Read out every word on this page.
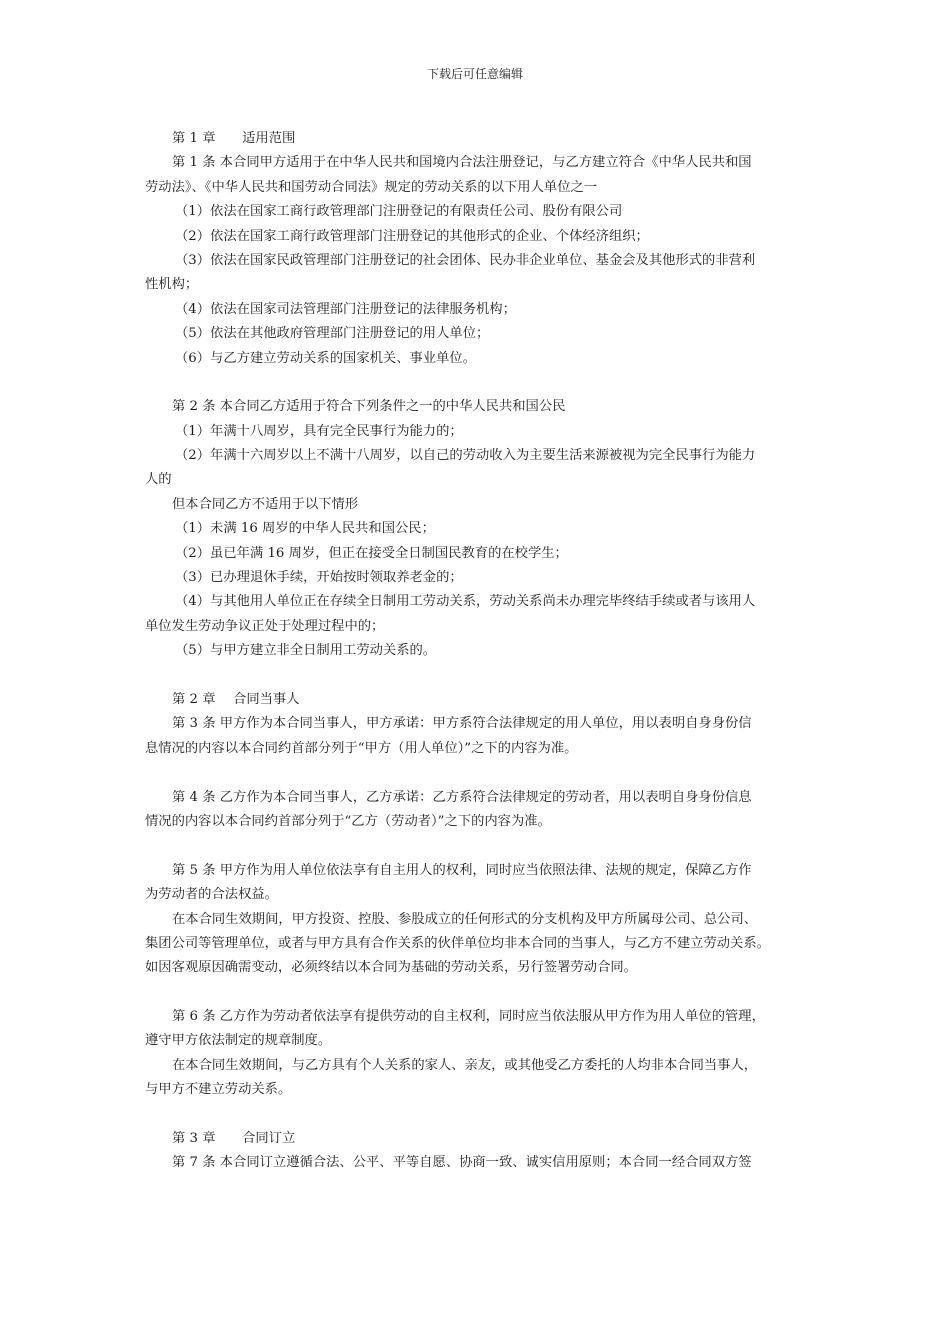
下载后可任意编辑
第 1 章　　适用范围
第 1 条 本合同甲方适用于在中华人民共和国境内合法注册登记，与乙方建立符合《中华人民共和国
劳动法》、《中华人民共和国劳动合同法》规定的劳动关系的以下用人单位之一
（1）依法在国家工商行政管理部门注册登记的有限责任公司、股份有限公司
（2）依法在国家工商行政管理部门注册登记的其他形式的企业、个体经济组织；
（3）依法在国家民政管理部门注册登记的社会团体、民办非企业单位、基金会及其他形式的非营利
性机构；
（4）依法在国家司法管理部门注册登记的法律服务机构；
（5）依法在其他政府管理部门注册登记的用人单位；
（6）与乙方建立劳动关系的国家机关、事业单位。
第 2 条 本合同乙方适用于符合下列条件之一的中华人民共和国公民
（1）年满十八周岁，具有完全民事行为能力的；
（2）年满十六周岁以上不满十八周岁，以自己的劳动收入为主要生活来源被视为完全民事行为能力
人的
但本合同乙方不适用于以下情形
（1）未满 16 周岁的中华人民共和国公民；
（2）虽已年满 16 周岁，但正在接受全日制国民教育的在校学生；
（3）已办理退休手续，开始按时领取养老金的；
（4）与其他用人单位正在存续全日制用工劳动关系，劳动关系尚未办理完毕终结手续或者与该用人
单位发生劳动争议正处于处理过程中的；
（5）与甲方建立非全日制用工劳动关系的。
第 2 章　 合同当事人
第 3 条 甲方作为本合同当事人，甲方承诺：甲方系符合法律规定的用人单位，用以表明自身身份信
息情况的内容以本合同约首部分列于“甲方（用人单位）”之下的内容为准。
第 4 条 乙方作为本合同当事人，乙方承诺：乙方系符合法律规定的劳动者，用以表明自身身份信息
情况的内容以本合同约首部分列于“乙方（劳动者）”之下的内容为准。
第 5 条 甲方作为用人单位依法享有自主用人的权利，同时应当依照法律、法规的规定，保障乙方作
为劳动者的合法权益。
在本合同生效期间，甲方投资、控股、参股成立的任何形式的分支机构及甲方所属母公司、总公司、
集团公司等管理单位，或者与甲方具有合作关系的伙伴单位均非本合同的当事人，与乙方不建立劳动关系。
如因客观原因确需变动，必须终结以本合同为基础的劳动关系，另行签署劳动合同。
第 6 条 乙方作为劳动者依法享有提供劳动的自主权利，同时应当依法服从甲方作为用人单位的管理，
遵守甲方依法制定的规章制度。
在本合同生效期间，与乙方具有个人关系的家人、亲友，或其他受乙方委托的人均非本合同当事人，
与甲方不建立劳动关系。
第 3 章　　合同订立
第 7 条 本合同订立遵循合法、公平、平等自愿、协商一致、诚实信用原则；本合同一经合同双方签
